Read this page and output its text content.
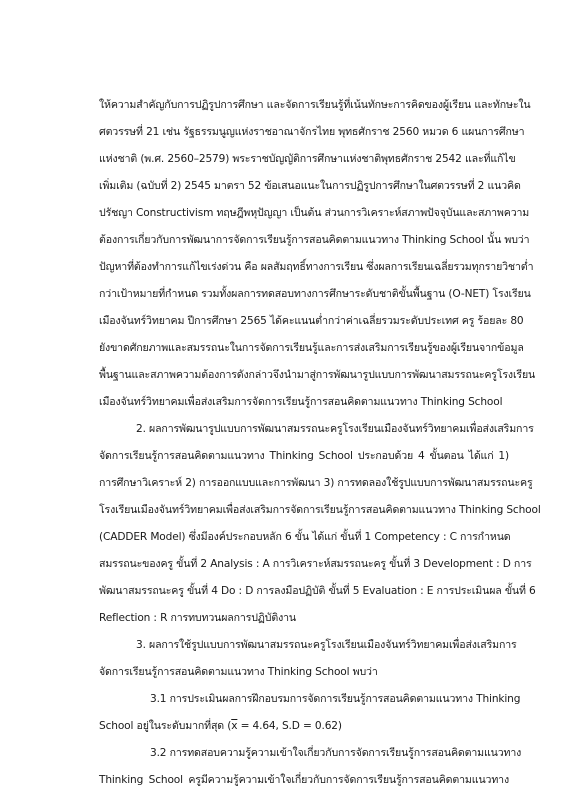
ให้ความสำคัญกับการปฏิรูปการศึกษา และจัดการเรียนรู้ที่เน้นทักษะการคิดของผู้เรียน และทักษะใน
ศตวรรษที่ 21 เช่น รัฐธรรมนูญแห่งราชอาณาจักรไทย พุทธศักราช 2560 หมวด 6 แผนการศึกษา
แห่งชาติ (พ.ศ. 2560–2579) พระราชบัญญัติการศึกษาแห่งชาติพุทธศักราช 2542 และที่แก้ไข
เพิ่มเติม (ฉบับที่ 2) 2545 มาตรา 52 ข้อเสนอแนะในการปฏิรูปการศึกษาในศตวรรษที่ 2 แนวคิด
ปรัชญา Constructivism ทฤษฎีพหุปัญญา เป็นต้น ส่วนการวิเคราะห์สภาพปัจจุบันและสภาพความ
ต้องการเกี่ยวกับการพัฒนาการจัดการเรียนรู้การสอนคิดตามแนวทาง Thinking School นั้น พบว่า
ปัญหาที่ต้องทำการแก้ไขเร่งด่วน คือ ผลสัมฤทธิ์ทางการเรียน ซึ่งผลการเรียนเฉลี่ยรวมทุกรายวิชาต่ำ
กว่าเป้าหมายที่กำหนด รวมทั้งผลการทดสอบทางการศึกษาระดับชาติขั้นพื้นฐาน (O-NET) โรงเรียน
เมืองจันทร์วิทยาคม ปีการศึกษา 2565 ได้คะแนนต่ำกว่าค่าเฉลี่ยรวมระดับประเทศ ครู ร้อยละ 80
ยังขาดศักยภาพและสมรรถนะในการจัดการเรียนรู้และการส่งเสริมการเรียนรู้ของผู้เรียนจากข้อมูล
พื้นฐานและสภาพความต้องการดังกล่าวจึงนำมาสู่การพัฒนารูปแบบการพัฒนาสมรรถนะครูโรงเรียน
เมืองจันทร์วิทยาคมเพื่อส่งเสริมการจัดการเรียนรู้การสอนคิดตามแนวทาง Thinking School
2. ผลการพัฒนารูปแบบการพัฒนาสมรรถนะครูโรงเรียนเมืองจันทร์วิทยาคมเพื่อส่งเสริมการ
จัดการเรียนรู้การสอนคิดตามแนวทาง Thinking School ประกอบด้วย 4 ขั้นตอน ได้แก่ 1)
การศึกษาวิเคราะห์ 2) การออกแบบและการพัฒนา 3) การทดลองใช้รูปแบบการพัฒนาสมรรถนะครู
โรงเรียนเมืองจันทร์วิทยาคมเพื่อส่งเสริมการจัดการเรียนรู้การสอนคิดตามแนวทาง Thinking School
(CADDER Model) ซึ่งมีองค์ประกอบหลัก 6 ขั้น ได้แก่ ขั้นที่ 1 Competency : C การกำหนด
สมรรถนะของครู ขั้นที่ 2 Analysis : A การวิเคราะห์สมรรถนะครู ขั้นที่ 3 Development : D การ
พัฒนาสมรรถนะครู ขั้นที่ 4 Do : D การลงมือปฏิบัติ ขั้นที่ 5 Evaluation : E การประเมินผล ขั้นที่ 6
Reflection : R การทบทวนผลการปฏิบัติงาน
3. ผลการใช้รูปแบบการพัฒนาสมรรถนะครูโรงเรียนเมืองจันทร์วิทยาคมเพื่อส่งเสริมการ
จัดการเรียนรู้การสอนคิดตามแนวทาง Thinking School พบว่า
3.1 การประเมินผลการฝึกอบรมการจัดการเรียนรู้การสอนคิดตามแนวทาง Thinking
School อยู่ในระดับมากที่สุด ($\overline{x} = 4.64$, S.D = 0.62)
3.2 การทดสอบความรู้ความเข้าใจเกี่ยวกับการจัดการเรียนรู้การสอนคิดตามแนวทาง
Thinking School ครูมีความรู้ความเข้าใจเกี่ยวกับการจัดการเรียนรู้การสอนคิดตามแนวทาง
